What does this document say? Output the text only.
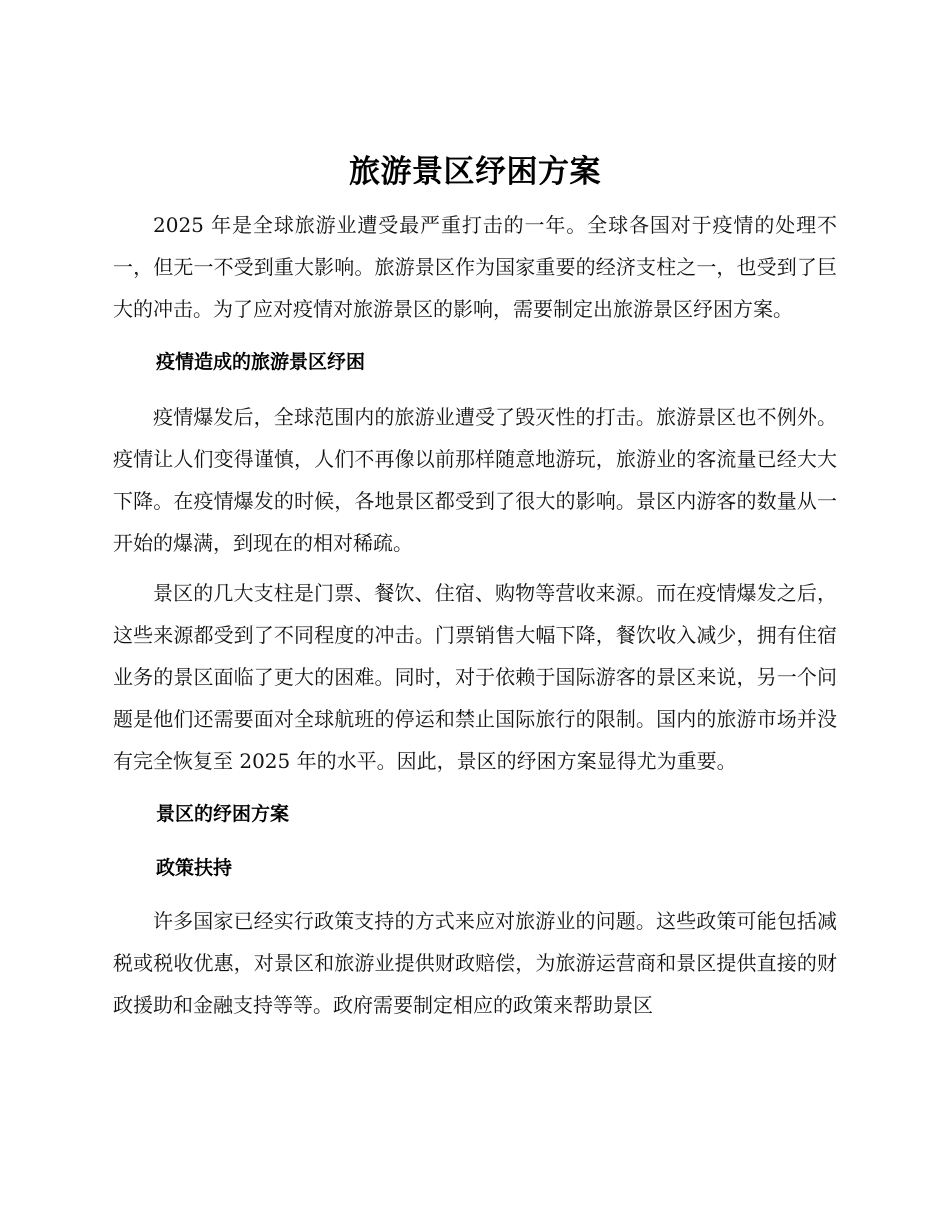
旅游景区纾困方案

2025 年是全球旅游业遭受最严重打击的一年。全球各国对于疫情的处理不一，但无一不受到重大影响。旅游景区作为国家重要的经济支柱之一，也受到了巨大的冲击。为了应对疫情对旅游景区的影响，需要制定出旅游景区纾困方案。

疫情造成的旅游景区纾困

疫情爆发后，全球范围内的旅游业遭受了毁灭性的打击。旅游景区也不例外。疫情让人们变得谨慎，人们不再像以前那样随意地游玩，旅游业的客流量已经大大下降。在疫情爆发的时候，各地景区都受到了很大的影响。景区内游客的数量从一开始的爆满，到现在的相对稀疏。

景区的几大支柱是门票、餐饮、住宿、购物等营收来源。而在疫情爆发之后，这些来源都受到了不同程度的冲击。门票销售大幅下降，餐饮收入减少，拥有住宿业务的景区面临了更大的困难。同时，对于依赖于国际游客的景区来说，另一个问题是他们还需要面对全球航班的停运和禁止国际旅行的限制。国内的旅游市场并没有完全恢复至 2025 年的水平。因此，景区的纾困方案显得尤为重要。

景区的纾困方案
政策扶持

许多国家已经实行政策支持的方式来应对旅游业的问题。这些政策可能包括减税或税收优惠，对景区和旅游业提供财政赔偿，为旅游运营商和景区提供直接的财政援助和金融支持等等。政府需要制定相应的政策来帮助景区
